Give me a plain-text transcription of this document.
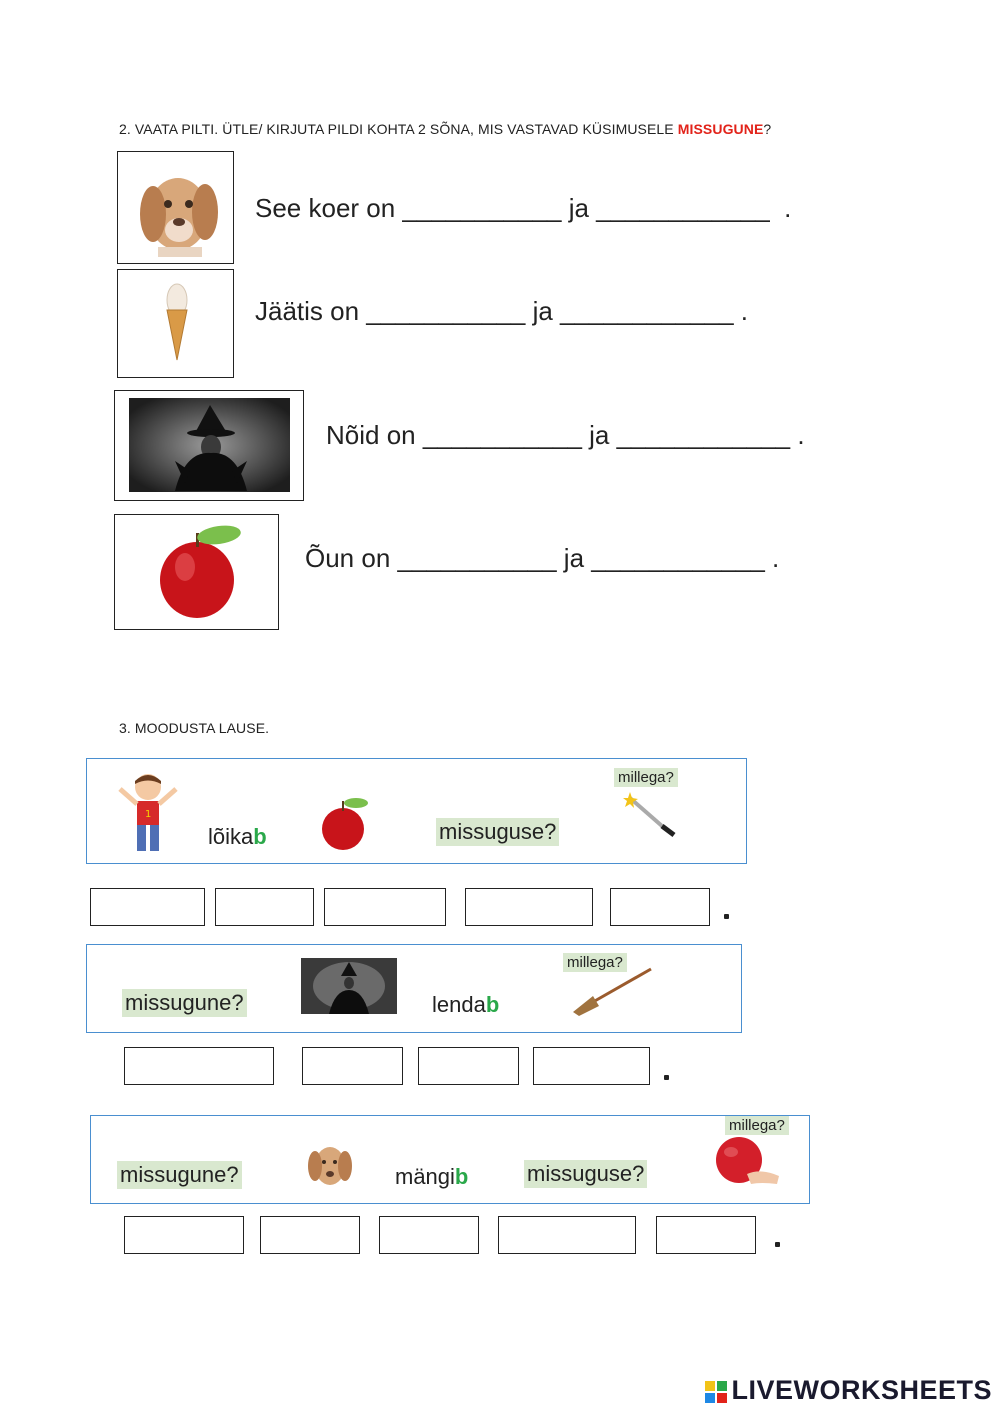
2. VAATA PILTI. ÜTLE/ KIRJUTA PILDI KOHTA 2 SÕNA, MIS VASTAVAD KÜSIMUSELE MISSUGUNE?
See koer on ___________ ja ____________  .
Jäätis on ___________ ja ____________ .
Nõid on ___________ ja ____________ .
Õun on ___________ ja ____________ .
3. MOODUSTA LAUSE.
1
lõikab	missuguse?
millega?
missugune?	lendab
millega?
missugune?	mängib	missuguse?
millega?
LIVEWORKSHEETS
